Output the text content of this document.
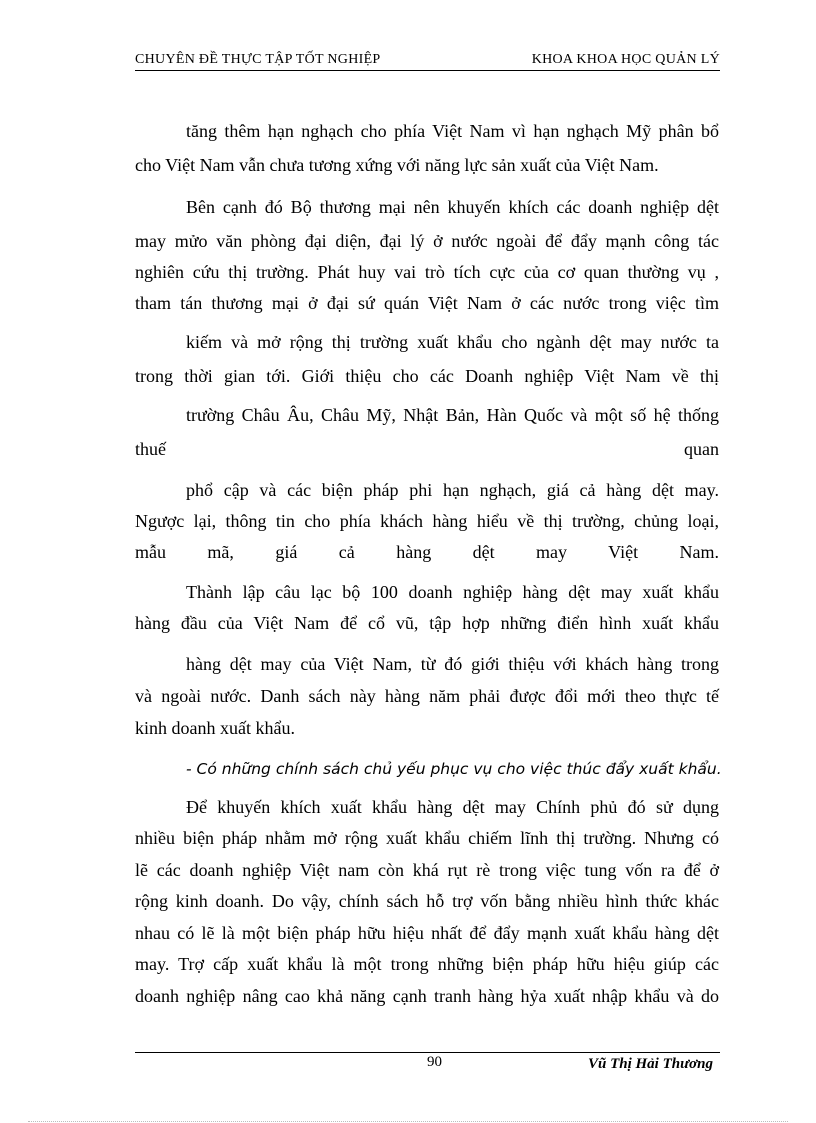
CHUYÊN ĐỀ THỰC TẬP TỐT NGHIỆP	KHOA KHOA HỌC QUẢN LÝ
tăng thêm hạn nghạch cho phía Việt Nam vì hạn nghạch Mỹ phân bổ
cho Việt Nam vẫn chưa tương xứng với năng lực sản xuất của Việt Nam.
Bên cạnh đó Bộ thương mại nên khuyến khích các doanh nghiệp dệt
may mửo văn phòng đại diện, đại lý ở nước ngoài để đẩy mạnh công tác
nghiên cứu thị trường. Phát huy vai trò tích cực của cơ quan thường vụ ,
tham tán thương mại ở đại sứ quán Việt Nam ở các nước trong việc tìm
kiếm và mở rộng thị trường xuất khẩu cho ngành dệt may nước ta
trong thời gian tới. Giới thiệu cho các Doanh nghiệp Việt Nam về thị
trường Châu Âu, Châu Mỹ, Nhật Bản, Hàn Quốc và một số hệ thống
thuế quan
phổ cập và các biện pháp phi hạn nghạch, giá cả hàng dệt may.
Ngược lại, thông tin cho phía khách hàng hiểu về thị trường, chủng loại,
mẫu mã, giá cả hàng dệt may Việt Nam.
Thành lập câu lạc bộ 100 doanh nghiệp hàng dệt may xuất khẩu
hàng đầu của Việt Nam để cổ vũ, tập hợp những điển hình xuất khẩu
hàng dệt may của Việt Nam, từ đó giới thiệu với khách hàng trong
và ngoài nước. Danh sách này hàng năm phải được đổi mới theo thực tế
kinh doanh xuất khẩu.
- Có những chính sách chủ yếu phục vụ cho việc thúc đẩy xuất khẩu.
Để khuyến khích xuất khẩu hàng dệt may Chính phủ đó sử dụng
nhiều biện pháp nhằm mở rộng xuất khẩu chiếm lĩnh thị trường. Nhưng có
lẽ các doanh nghiệp Việt nam còn khá rụt rè trong việc tung vốn ra để ở
rộng kinh doanh. Do vậy, chính sách hỗ trợ vốn bằng nhiều hình thức khác
nhau có lẽ là một biện pháp hữu hiệu nhất để đẩy mạnh xuất khẩu hàng dệt
may. Trợ cấp xuất khẩu là một trong những biện pháp hữu hiệu giúp các
doanh nghiệp nâng cao khả năng cạnh tranh hàng hỷa xuất nhập khẩu và do
90	Vũ Thị Hải Thương
